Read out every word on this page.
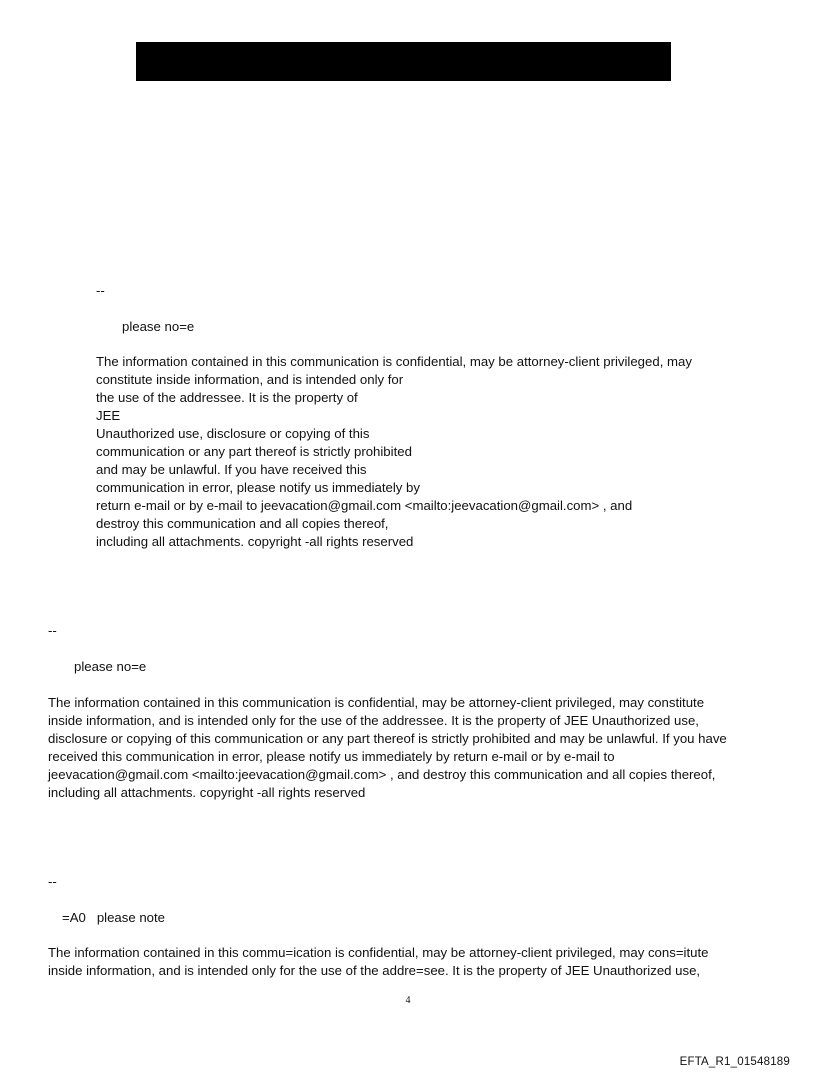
--

please no=e

The information contained in this communication is confidential, may be attorney-client privileged, may
constitute inside information, and is intended only for
the use of the addressee. It is the property of
JEE
Unauthorized use, disclosure or copying of this
communication or any part thereof is strictly prohibited
and may be unlawful. If you have received this
communication in error, please notify us immediately by
return e-mail or by e-mail to jeevacation@gmail.com <mailto:jeevacation@gmail.com> , and
destroy this communication and all copies thereof,
including all attachments. copyright -all rights reserved

--

please no=e

The information contained in this communication is confidential, may be attorney-client privileged, may constitute
inside information, and is intended only for the use of the addressee. It is the property of JEE Unauthorized use,
disclosure or copying of this communication or any part thereof is strictly prohibited and may be unlawful. If you have
received this communication in error, please notify us immediately by return e-mail or by e-mail to
jeevacation@gmail.com <mailto:jeevacation@gmail.com> , and destroy this communication and all copies thereof,
including all attachments. copyright -all rights reserved

--

=A0   please note

The information contained in this commu=ication is confidential, may be attorney-client privileged, may cons=itute
inside information, and is intended only for the use of the addre=see. It is the property of JEE Unauthorized use,

4

EFTA_R1_01548189
